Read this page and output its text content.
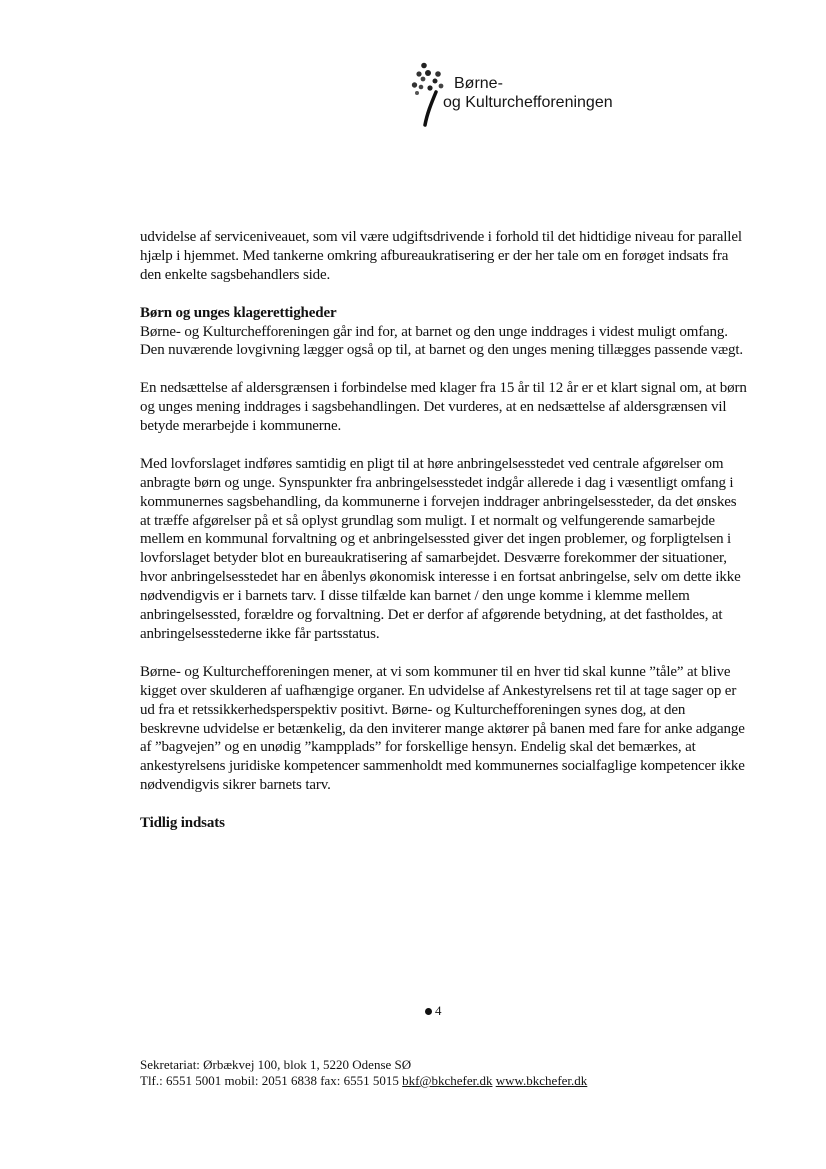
Børne-
og Kulturchefforeningen

udvidelse af serviceniveauet, som vil være udgiftsdrivende i forhold til det hidtidige niveau for parallel hjælp i hjemmet. Med tankerne omkring afbureaukratisering er der her tale om en forøget indsats fra den enkelte sagsbehandlers side.

Børn og unges klagerettigheder

Børne- og Kulturchefforeningen går ind for, at barnet og den unge inddrages i videst muligt omfang. Den nuværende lovgivning lægger også op til, at barnet og den unges mening tillægges passende vægt.

En nedsættelse af aldersgrænsen i forbindelse med klager fra 15 år til 12 år er et klart signal om, at børn og unges mening inddrages i sagsbehandlingen. Det vurderes, at en nedsættelse af aldersgrænsen vil betyde merarbejde i kommunerne.

Med lovforslaget indføres samtidig en pligt til at høre anbringelsesstedet ved centrale afgørelser om anbragte børn og unge. Synspunkter fra anbringelsesstedet indgår allerede i dag i væsentligt omfang i kommunernes sagsbehandling, da kommunerne i forvejen inddrager anbringelsessteder, da det ønskes at træffe afgørelser på et så oplyst grundlag som muligt. I et normalt og velfungerende samarbejde mellem en kommunal forvaltning og et anbringelsessted giver det ingen problemer, og forpligtelsen i lovforslaget betyder blot en bureaukratisering af samarbejdet. Desværre forekommer der situationer, hvor anbringelsesstedet har en åbenlys økonomisk interesse i en fortsat anbringelse, selv om dette ikke nødvendigvis er i barnets tarv. I disse tilfælde kan barnet / den unge komme i klemme mellem anbringelsessted, forældre og forvaltning. Det er derfor af afgørende betydning, at det fastholdes, at anbringelsesstederne ikke får partsstatus.

Børne- og Kulturchefforeningen mener, at vi som kommuner til en hver tid skal kunne ”tåle” at blive kigget over skulderen af uafhængige organer. En udvidelse af Ankestyrelsens ret til at tage sager op er ud fra et retssikkerhedsperspektiv positivt. Børne- og Kulturchefforeningen synes dog, at den beskrevne udvidelse er betænkelig, da den inviterer mange aktører på banen med fare for anke adgange af ”bagvejen” og en unødig ”kampplads” for forskellige hensyn. Endelig skal det bemærkes, at ankestyrelsens juridiske kompetencer sammenholdt med kommunernes socialfaglige kompetencer ikke nødvendigvis sikrer barnets tarv.

Tidlig indsats
4
Sekretariat: Ørbækvej 100, blok 1, 5220 Odense SØ
Tlf.: 6551 5001 mobil: 2051 6838 fax: 6551 5015 bkf@bkchefer.dk www.bkchefer.dk
